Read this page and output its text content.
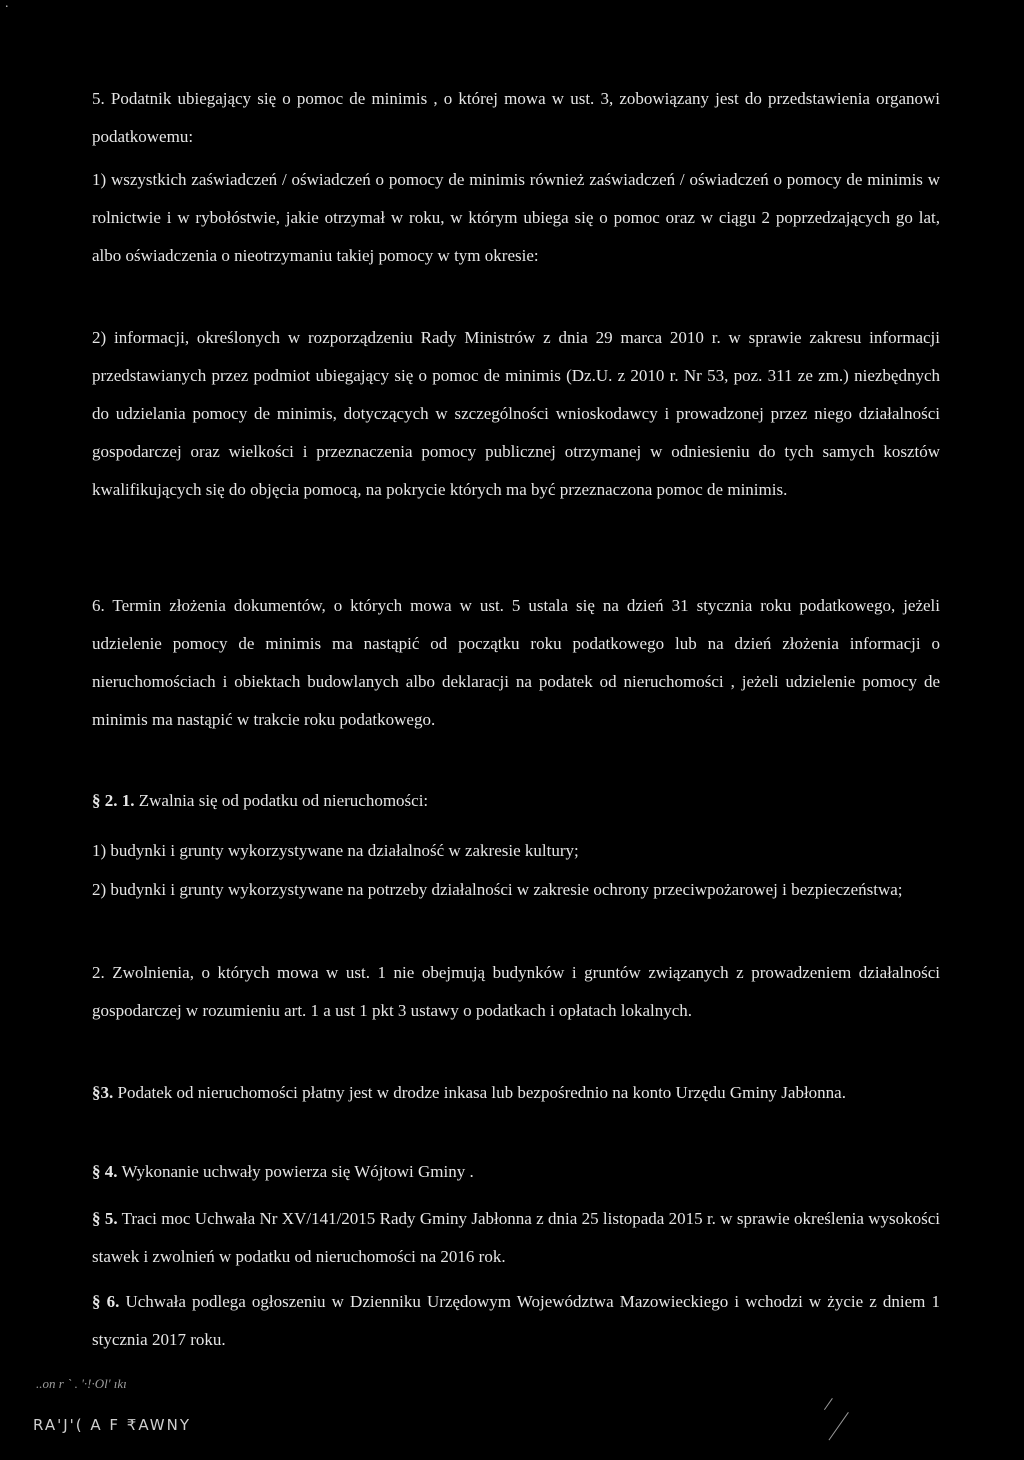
.
5. Podatnik ubiegający się o pomoc de minimis , o której mowa w ust. 3, zobowiązany jest do przedstawienia organowi podatkowemu:
1) wszystkich zaświadczeń / oświadczeń o pomocy de minimis również zaświadczeń / oświadczeń o pomocy de minimis w rolnictwie i w rybołóstwie, jakie otrzymał w roku, w którym ubiega się o pomoc oraz w ciągu 2 poprzedzających go lat, albo oświadczenia o nieotrzymaniu takiej pomocy w tym okresie:
2) informacji, określonych w rozporządzeniu Rady Ministrów z dnia 29 marca 2010 r. w sprawie zakresu informacji przedstawianych przez podmiot ubiegający się o pomoc de minimis (Dz.U. z 2010 r. Nr 53, poz. 311 ze zm.) niezbędnych do udzielania pomocy de minimis, dotyczących w szczególności wnioskodawcy i prowadzonej przez niego działalności gospodarczej oraz wielkości i przeznaczenia pomocy publicznej otrzymanej w odniesieniu do tych samych kosztów kwalifikujących się do objęcia pomocą, na pokrycie których ma być przeznaczona pomoc de minimis.
6. Termin złożenia dokumentów, o których mowa w ust. 5 ustala się na dzień 31 stycznia roku podatkowego, jeżeli udzielenie pomocy de minimis ma nastąpić od początku roku podatkowego lub na dzień złożenia informacji o nieruchomościach i obiektach budowlanych albo deklaracji na podatek od nieruchomości , jeżeli udzielenie pomocy de minimis ma nastąpić w trakcie roku podatkowego.
§ 2. 1. Zwalnia się od podatku od nieruchomości:
1) budynki i grunty wykorzystywane na działalność w zakresie kultury;
2) budynki i grunty wykorzystywane na potrzeby działalności w zakresie ochrony przeciwpożarowej i bezpieczeństwa;
2. Zwolnienia, o których mowa w ust. 1 nie obejmują budynków i gruntów związanych z prowadzeniem działalności gospodarczej w rozumieniu art. 1 a ust 1 pkt 3 ustawy o podatkach i opłatach lokalnych.
§3. Podatek od nieruchomości płatny jest w drodze inkasa lub bezpośrednio na konto Urzędu Gminy Jabłonna.
§ 4. Wykonanie uchwały powierza się Wójtowi Gminy .
§ 5. Traci moc Uchwała Nr XV/141/2015 Rady Gminy Jabłonna z dnia 25 listopada 2015 r. w sprawie określenia wysokości stawek i zwolnień w podatku od nieruchomości na 2016 rok.
§ 6. Uchwała podlega ogłoszeniu w Dzienniku Urzędowym Województwa Mazowieckiego i wchodzi w życie z dniem 1 stycznia 2017 roku.
..on r ` . '·!·Ol' ıkı
RA'J'( A F ₹AWNY
